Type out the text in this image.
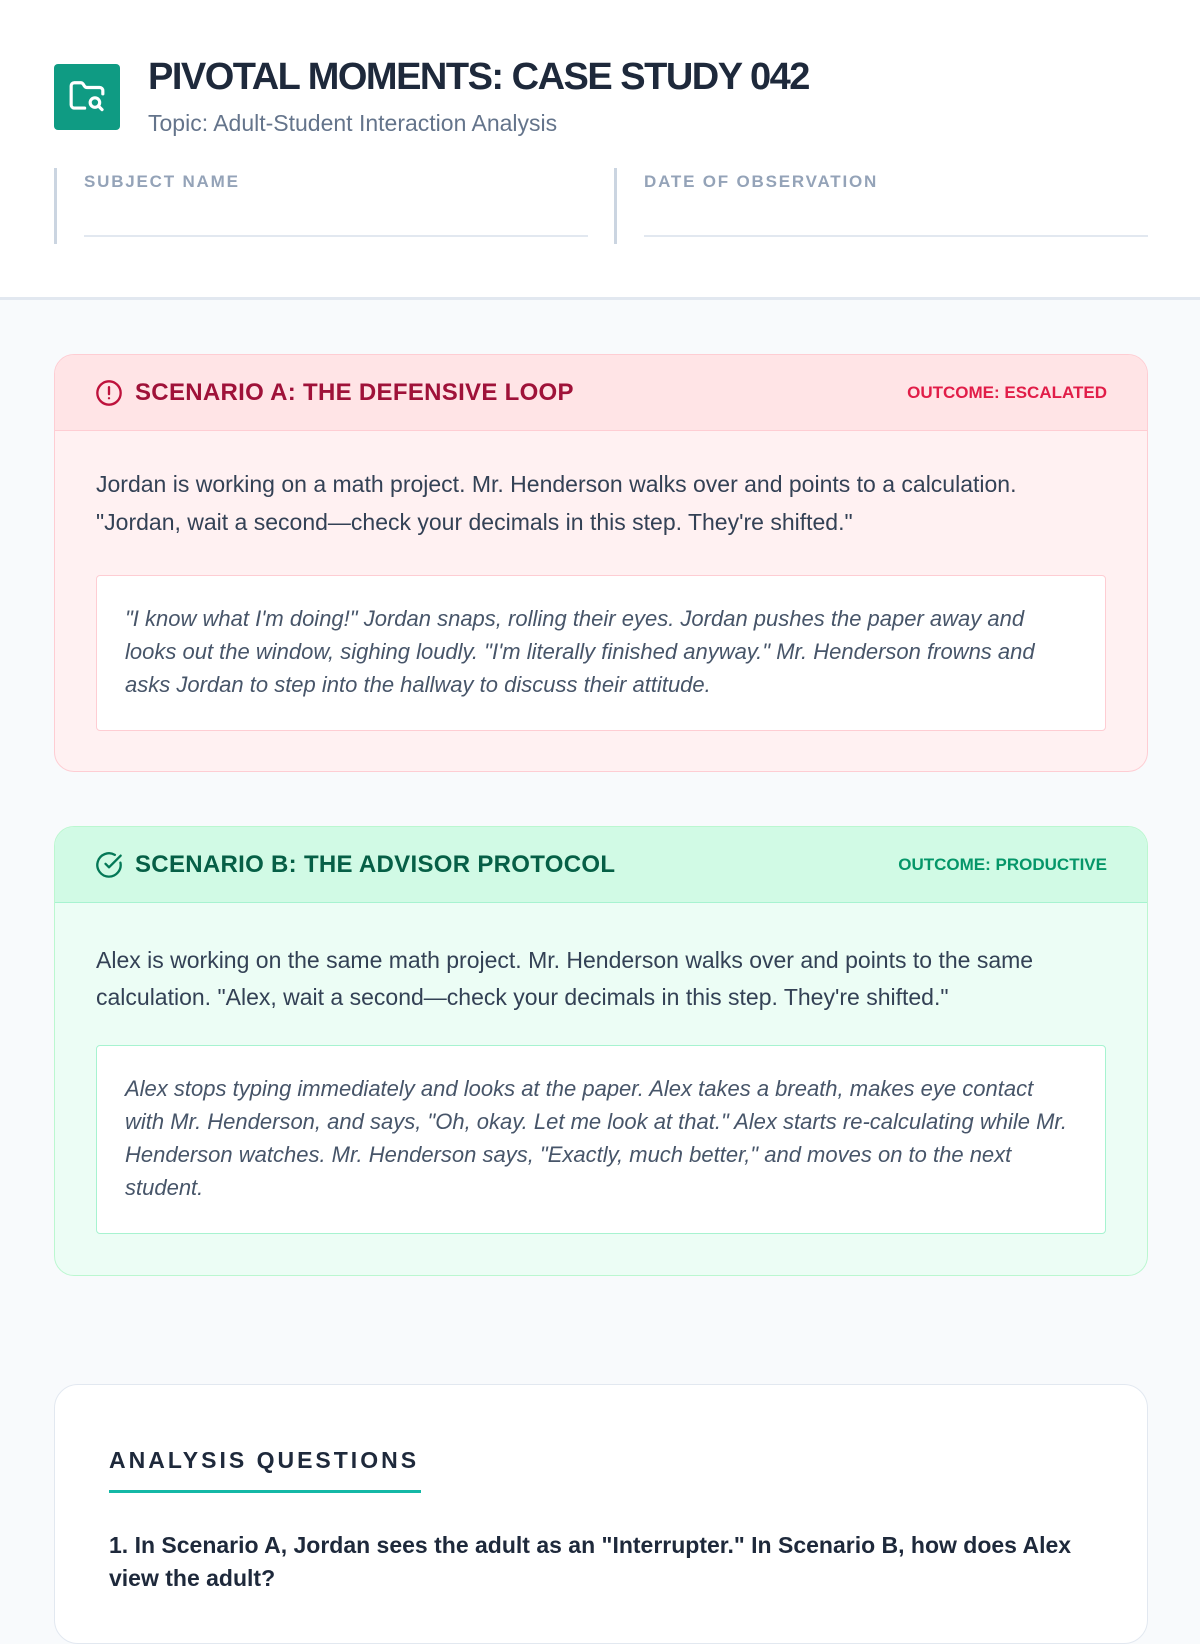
PIVOTAL MOMENTS: CASE STUDY 042
Topic: Adult-Student Interaction Analysis
SUBJECT NAME	DATE OF OBSERVATION
SCENARIO A: THE DEFENSIVE LOOP	OUTCOME: ESCALATED
Jordan is working on a math project. Mr. Henderson walks over and points to a calculation. "Jordan, wait a second—check your decimals in this step. They're shifted."
"I know what I'm doing!" Jordan snaps, rolling their eyes. Jordan pushes the paper away and looks out the window, sighing loudly. "I'm literally finished anyway." Mr. Henderson frowns and asks Jordan to step into the hallway to discuss their attitude.
SCENARIO B: THE ADVISOR PROTOCOL	OUTCOME: PRODUCTIVE
Alex is working on the same math project. Mr. Henderson walks over and points to the same calculation. "Alex, wait a second—check your decimals in this step. They're shifted."
Alex stops typing immediately and looks at the paper. Alex takes a breath, makes eye contact with Mr. Henderson, and says, "Oh, okay. Let me look at that." Alex starts re-calculating while Mr. Henderson watches. Mr. Henderson says, "Exactly, much better," and moves on to the next student.
ANALYSIS QUESTIONS
1. In Scenario A, Jordan sees the adult as an "Interrupter." In Scenario B, how does Alex view the adult?
